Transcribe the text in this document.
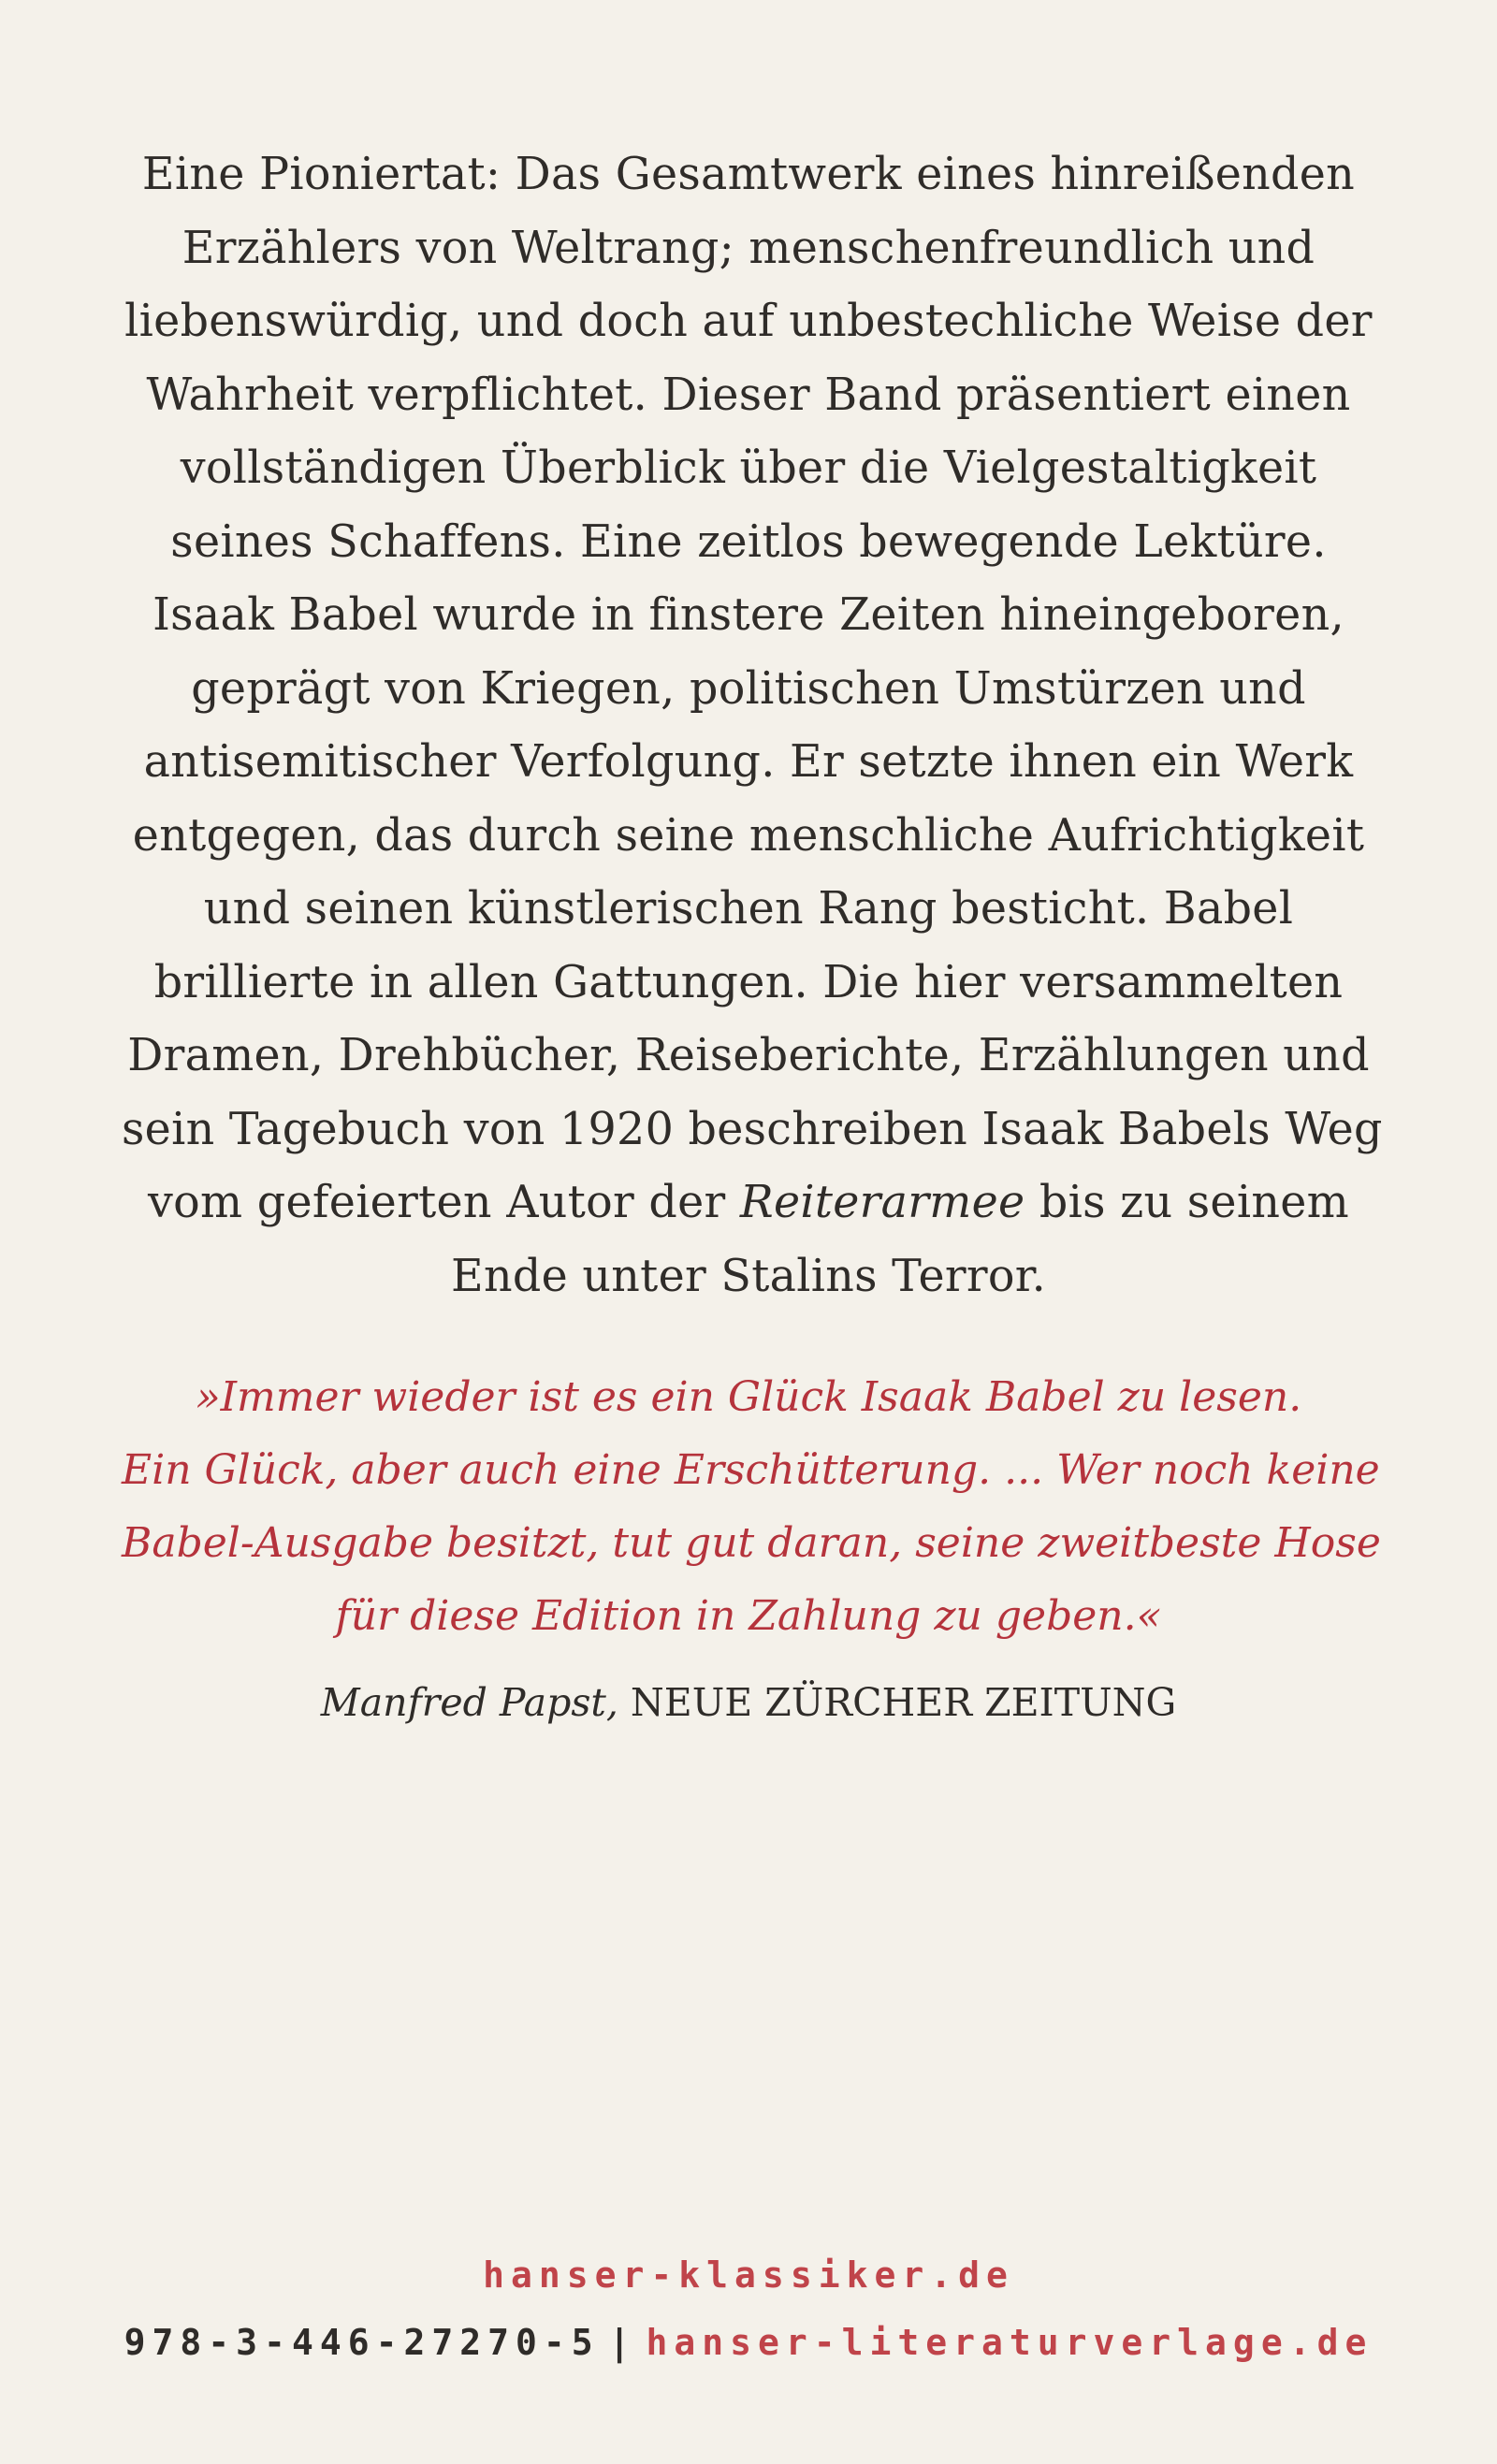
Eine Pioniertat: Das Gesamtwerk eines hinreißenden
Erzählers von Weltrang; menschenfreundlich und
liebenswürdig, und doch auf unbestechliche Weise der
Wahrheit verpflichtet. Dieser Band präsentiert einen
vollständigen Überblick über die Vielgestaltigkeit
seines Schaffens. Eine zeitlos bewegende Lektüre.
Isaak Babel wurde in finstere Zeiten hineingeboren,
geprägt von Kriegen, politischen Umstürzen und
antisemitischer Verfolgung. Er setzte ihnen ein Werk
entgegen, das durch seine menschliche Aufrichtigkeit
und seinen künstlerischen Rang besticht. Babel
brillierte in allen Gattungen. Die hier versammelten
Dramen, Drehbücher, Reiseberichte, Erzählungen und
sein Tagebuch von 1920 beschreiben Isaak Babels Weg
vom gefeierten Autor der Reiterarmee bis zu seinem
Ende unter Stalins Terror.
»Immer wieder ist es ein Glück Isaak Babel zu lesen.
Ein Glück, aber auch eine Erschütterung. ... Wer noch keine
Babel-Ausgabe besitzt, tut gut daran, seine zweitbeste Hose
für diese Edition in Zahlung zu geben.«
Manfred Papst, NEUE ZÜRCHER ZEITUNG
hanser-klassiker.de
978-3-446-27270-5 | hanser-literaturverlage.de
